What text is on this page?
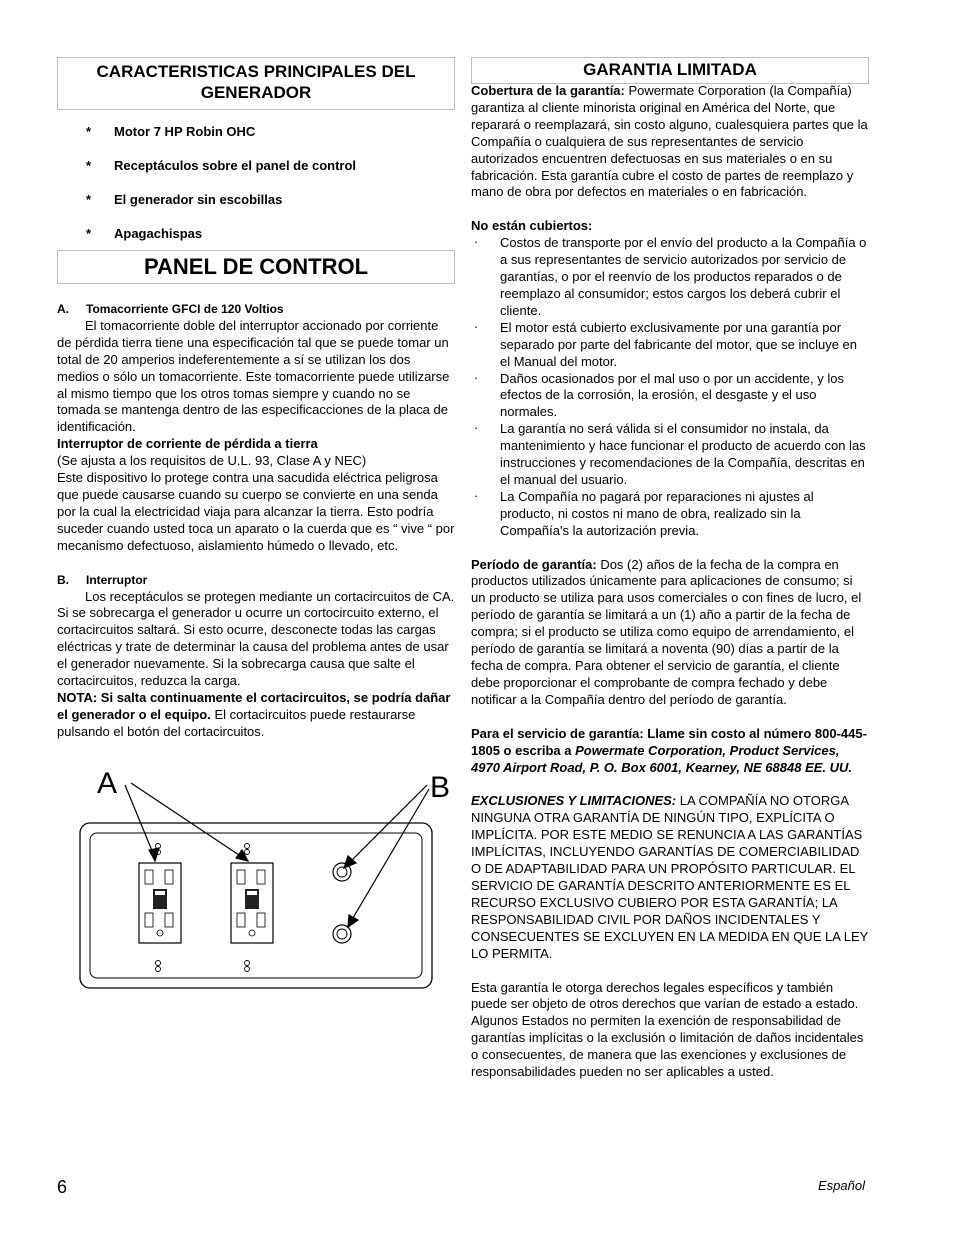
CARACTERISTICAS PRINCIPALES DEL GENERADOR
* Motor 7 HP Robin OHC
* Receptáculos sobre el panel de control
* El generador sin escobillas
* Apagachispas
PANEL DE CONTROL
A. Tomacorriente GFCI de 120 Voltios

El tomacorriente doble del interruptor accionado por corriente de pérdida tierra tiene una especificación tal que se puede tomar un total de 20 amperios indeferentemente a sí se utilizan los dos medios o sólo un tomacorriente. Este tomacorriente puede utilizarse al mismo tiempo que los otros tomas siempre y cuando no se tomada se mantenga dentro de las especificacciones de la placa de identificación.

Interruptor de corriente de pérdida a tierra

(Se ajusta a los requisitos de U.L. 93, Clase A y NEC)

Este dispositivo lo protege contra una sacudida eléctrica peligrosa que puede causarse cuando su cuerpo se convierte en una senda por la cual la electricidad viaja para alcanzar la tierra. Esto podría suceder cuando usted toca un aparato o la cuerda que es “ vive “ por mecanismo defectuoso, aislamiento húmedo o llevado, etc.

B. Interruptor

Los receptáculos se protegen mediante un cortacircuitos de CA. Si se sobrecarga el generador u ocurre un cortocircuito externo, el cortacircuitos saltará. Si esto ocurre, desconecte todas las cargas eléctricas y trate de determinar la causa del problema antes de usar el generador nuevamente. Si la sobrecarga causa que salte el cortacircuitos, reduzca la carga.

NOTA: Si salta continuamente el cortacircuitos, se podría dañar el generador o el equipo. El cortacircuitos puede restaurarse pulsando el botón del cortacircuitos.

A	B
GARANTIA LIMITADA

Cobertura de la garantía: Powermate Corporation (la Compañía) garantiza al cliente minorista original en América del Norte, que reparará o reemplazará, sin costo alguno, cualesquiera partes que la Compañía o cualquiera de sus representantes de servicio autorizados encuentren defectuosas en sus materiales o en su fabricación. Esta garantía cubre el costo de partes de reemplazo y mano de obra por defectos en materiales o en fabricación.

No están cubiertos:

· Costos de transporte por el envío del producto a la Compañía o a sus representantes de servicio autorizados por servicio de garantías, o por el reenvío de los productos reparados o de reemplazo al consumidor; estos cargos los deberá cubrir el cliente.
· El motor está cubierto exclusivamente por una garantía por separado por parte del fabricante del motor, que se incluye en el Manual del motor.
· Daños ocasionados por el mal uso o por un accidente, y los efectos de la corrosión, la erosión, el desgaste y el uso normales.
· La garantía no será válida si el consumidor no instala, da mantenimiento y hace funcionar el producto de acuerdo con las instrucciones y recomendaciones de la Compañía, descritas en el manual del usuario.
· La Compañía no pagará por reparaciones ni ajustes al producto, ni costos ni mano de obra, realizado sin la Compañía's la autorización previa.

Período de garantía: Dos (2) años de la fecha de la compra en productos utilizados únicamente para aplicaciones de consumo; si un producto se utiliza para usos comerciales o con fines de lucro, el período de garantía se limitará a un (1) año a partir de la fecha de compra; si el producto se utiliza como equipo de arrendamiento, el período de garantía se limitará a noventa (90) días a partir de la fecha de compra. Para obtener el servicio de garantía, el cliente debe proporcionar el comprobante de compra fechado y debe notificar a la Compañía dentro del período de garantía.

Para el servicio de garantía: Llame sin costo al número 800-445-1805 o escriba a Powermate Corporation, Product Services, 4970 Airport Road, P. O. Box 6001, Kearney, NE 68848 EE. UU.

EXCLUSIONES Y LIMITACIONES: LA COMPAÑÍA NO OTORGA NINGUNA OTRA GARANTÍA DE NINGÚN TIPO, EXPLÍCITA O IMPLÍCITA. POR ESTE MEDIO SE RENUNCIA A LAS GARANTÍAS IMPLÍCITAS, INCLUYENDO GARANTÍAS DE COMERCIABILIDAD O DE ADAPTABILIDAD PARA UN PROPÓSITO PARTICULAR. EL SERVICIO DE GARANTÍA DESCRITO ANTERIORMENTE ES EL RECURSO EXCLUSIVO CUBIERO POR ESTA GARANTÍA; LA RESPONSABILIDAD CIVIL POR DAÑOS INCIDENTALES Y CONSECUENTES SE EXCLUYEN EN LA MEDIDA EN QUE LA LEY LO PERMITA.

Esta garantía le otorga derechos legales específicos y también puede ser objeto de otros derechos que varían de estado a estado. Algunos Estados no permiten la exención de responsabilidad de garantías implícitas o la exclusión o limitación de daños incidentales o consecuentes, de manera que las exenciones y exclusiones de responsabilidades pueden no ser aplicables a usted.

6	Español
